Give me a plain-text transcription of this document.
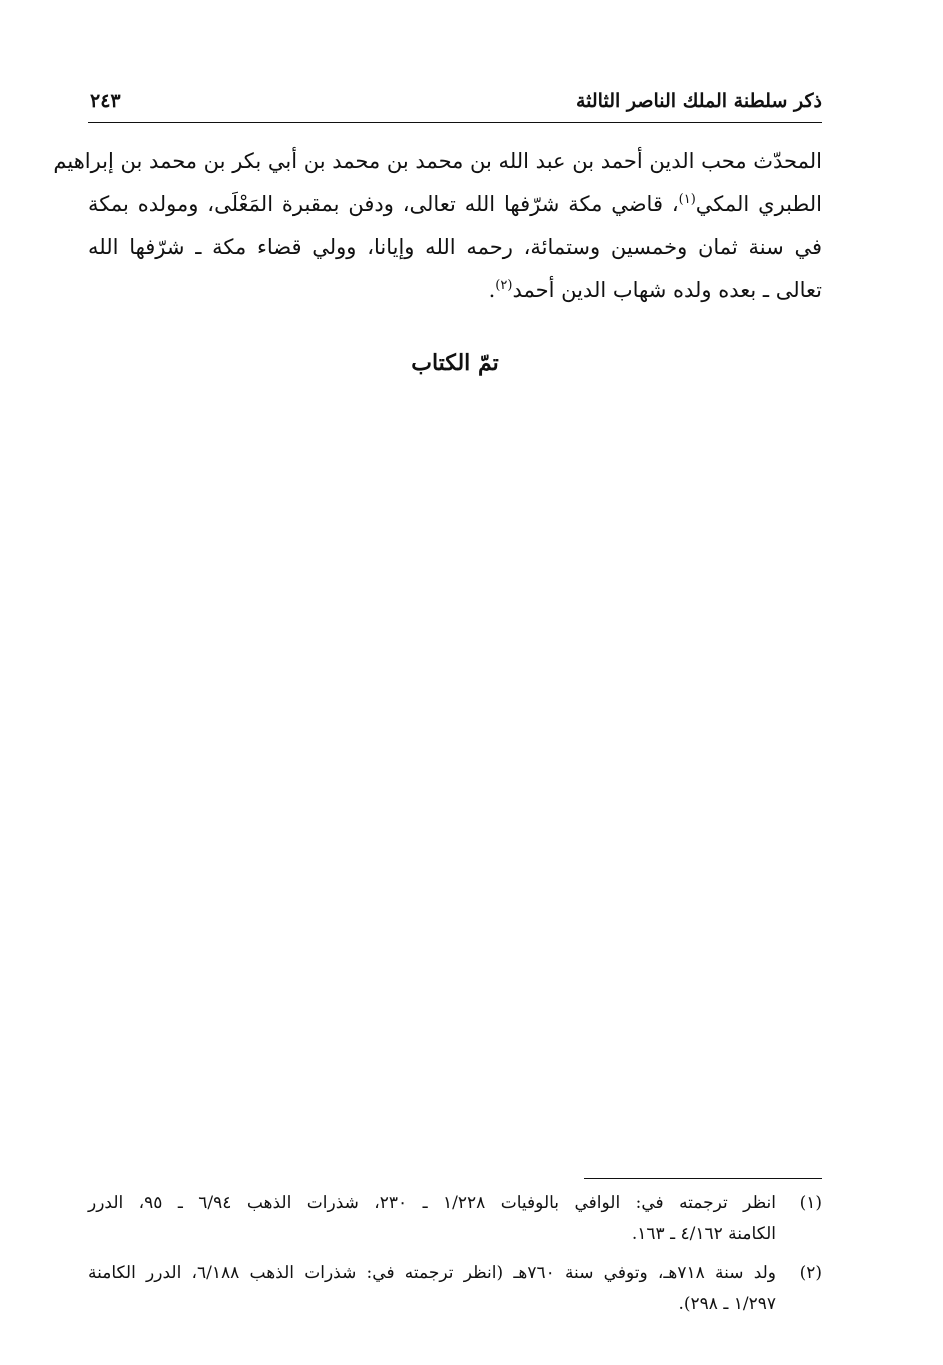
ذكر سلطنة الملك الناصر الثالثة
٢٤٣
المحدّث محب الدين أحمد بن عبد الله بن محمد بن محمد بن أبي بكر بن محمد بن إبراهيم
الطبري المكي$^{(١)}$، قاضي مكة شرّفها الله تعالى، ودفن بمقبرة المَعْلَى، ومولده بمكة
في سنة ثمان وخمسين وستمائة، رحمه الله وإيانا، وولي قضاء مكة ـ شرّفها الله
تعالى ـ بعده ولده شهاب الدين أحمد$^{(٢)}$.
تمّ الكتاب
(١)
انظر ترجمته في: الوافي بالوفيات ١/٢٢٨ ـ ٢٣٠، شذرات الذهب ٦/٩٤ ـ ٩٥، الدرر
الكامنة ٤/١٦٢ ـ ١٦٣.
(٢)
ولد سنة ٧١٨هـ، وتوفي سنة ٧٦٠هـ (انظر ترجمته في: شذرات الذهب ٦/١٨٨، الدرر الكامنة
١/٢٩٧ ـ ٢٩٨).
